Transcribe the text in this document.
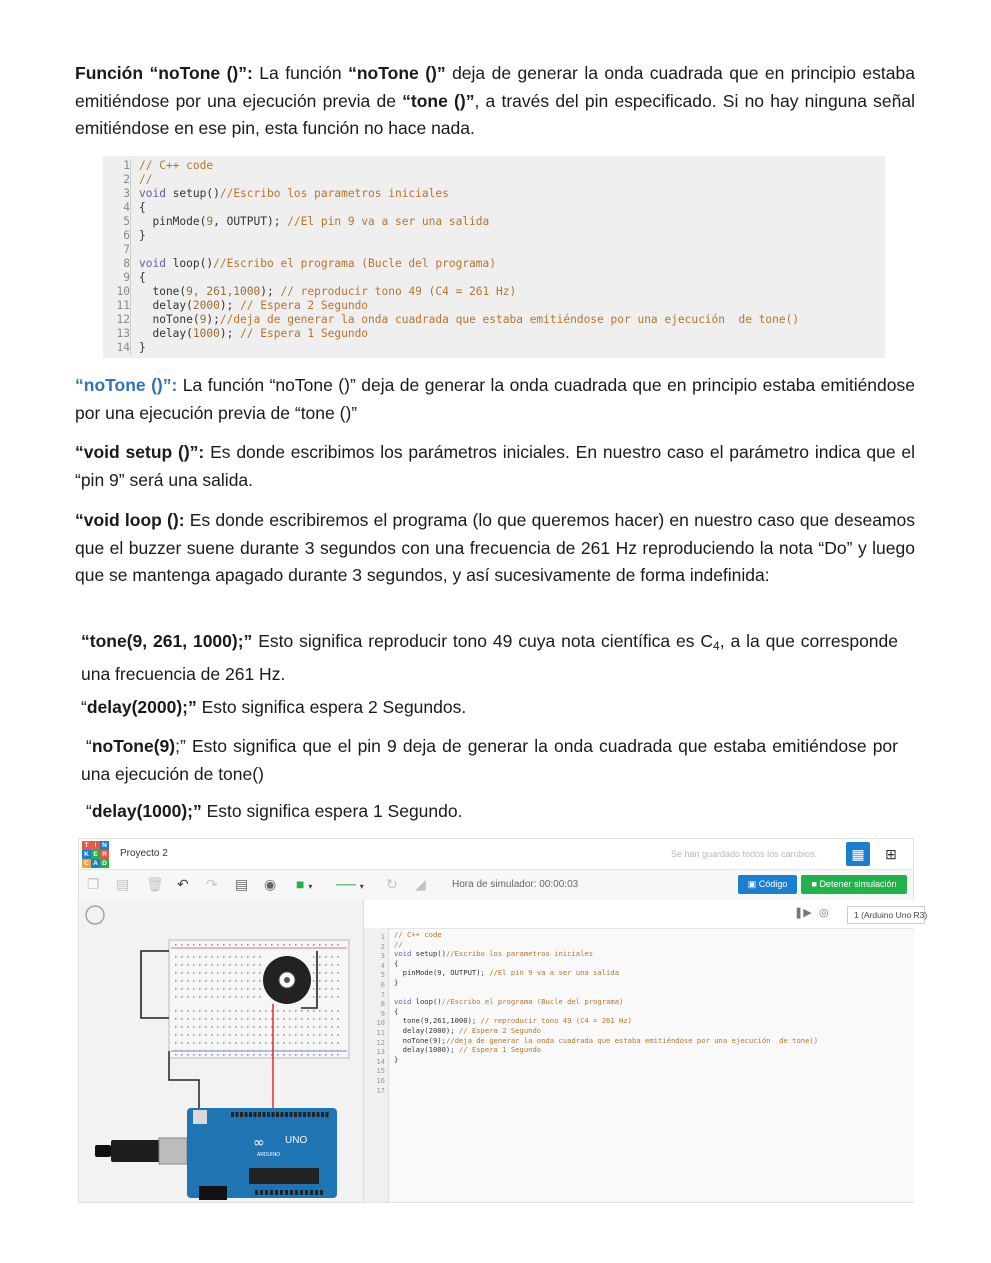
Función “noTone ()”: La función “noTone ()” deja de generar la onda cuadrada que en principio estaba emitiéndose por una ejecución previa de “tone ()”, a través del pin especificado. Si no hay ninguna señal emitiéndose en ese pin, esta función no hace nada.
1
2
3
4
5
6
7
8
9
10
11
12
13
14
// C++ code
//
void setup()//Escribo los parametros iniciales
{
pinMode(9, OUTPUT); //El pin 9 va a ser una salida
}
void loop()//Escribo el programa (Bucle del programa)
{
tone(9, 261,1000); // reproducir tono 49 (C4 = 261 Hz)
delay(2000); // Espera 2 Segundo
noTone(9);//deja de generar la onda cuadrada que estaba emitiéndose por una ejecución  de tone()
delay(1000); // Espera 1 Segundo
}
“noTone ()”: La función “noTone ()” deja de generar la onda cuadrada que en principio estaba emitiéndose por una ejecución previa de “tone ()”
“void setup ()”: Es donde escribimos los parámetros iniciales. En nuestro caso el parámetro indica que el “pin 9” será una salida.
“void loop (): Es donde escribiremos el programa (lo que queremos hacer) en nuestro caso que deseamos que el buzzer suene durante 3 segundos con una frecuencia de 261 Hz reproduciendo la nota “Do” y luego que se mantenga apagado durante 3 segundos, y así sucesivamente de forma indefinida:
“tone(9, 261, 1000);” Esto significa reproducir tono 49 cuya nota científica es $C_4$, a la que corresponde una frecuencia de 261 Hz.
“delay(2000);” Esto significa espera 2 Segundos.
“noTone(9);” Esto significa que el pin 9 deja de generar la onda cuadrada que estaba emitiéndose por una ejecución de tone()
“delay(1000);” Esto significa espera 1 Segundo.
T I N
K E R
C A D
Proyecto 2	Se han guardado todos los cambios.	▦	⊞
❐ ▤ 🗑 ↶ ↷ ▤ ◉ ■ ▾ ── ▾ ↻ ◢	Hora de simulador: 00:00:03	▣ Código	■ Detener simulación
UNO
ARDUINO
∞
❚▶ ◎	1 (Arduino Uno R3)
1
2
3
4
5
6
7
8
9
10
11
12
13
14
15
16
17
// C++ code
//
void setup()//Escribo los parametros iniciales
{
pinMode(9, OUTPUT); //El pin 9 va a ser una salida
}
void loop()//Escribo el programa (Bucle del programa)
{
tone(9,261,1000); // reproducir tono 49 (C4 = 261 Hz)
delay(2000); // Espera 2 Segundo
noTone(9);//deja de generar la onda cuadrada que estaba emitiéndose por una ejecución  de tone()
delay(1000); // Espera 1 Segundo
}
